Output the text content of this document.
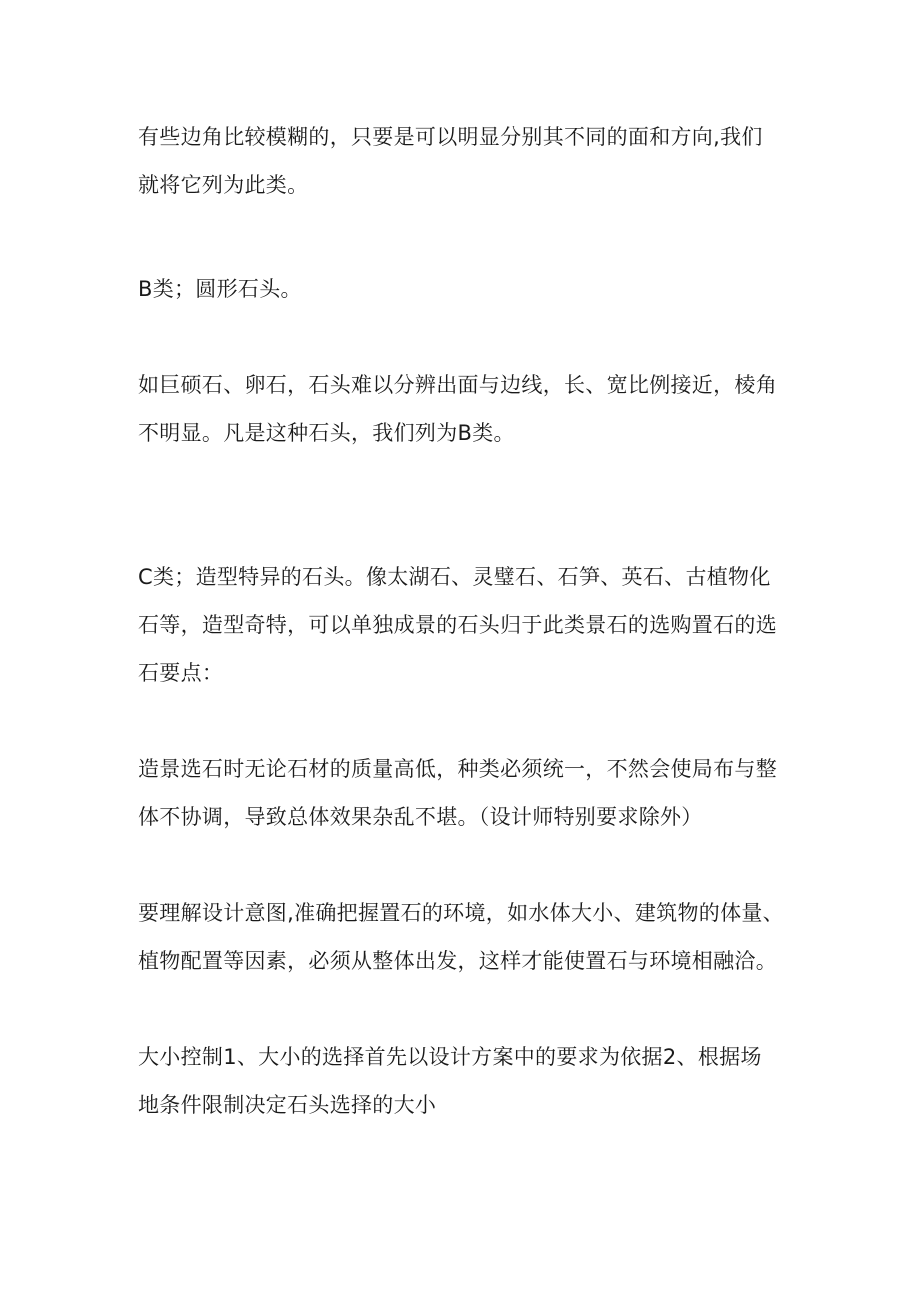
有些边角比较模糊的，只要是可以明显分别其不同的面和方向,我们
就将它列为此类。

B类；圆形石头。

如巨硕石、卵石，石头难以分辨出面与边线，长、宽比例接近，棱角
不明显。凡是这种石头，我们列为B类。

C类；造型特异的石头。像太湖石、灵璧石、石笋、英石、古植物化
石等，造型奇特，可以单独成景的石头归于此类景石的选购置石的选
石要点：

造景选石时无论石材的质量高低，种类必须统一，不然会使局布与整
体不协调，导致总体效果杂乱不堪。（设计师特别要求除外）

要理解设计意图,准确把握置石的环境，如水体大小、建筑物的体量、
植物配置等因素，必须从整体出发，这样才能使置石与环境相融洽。

大小控制1、大小的选择首先以设计方案中的要求为依据2、根据场
地条件限制决定石头选择的大小
